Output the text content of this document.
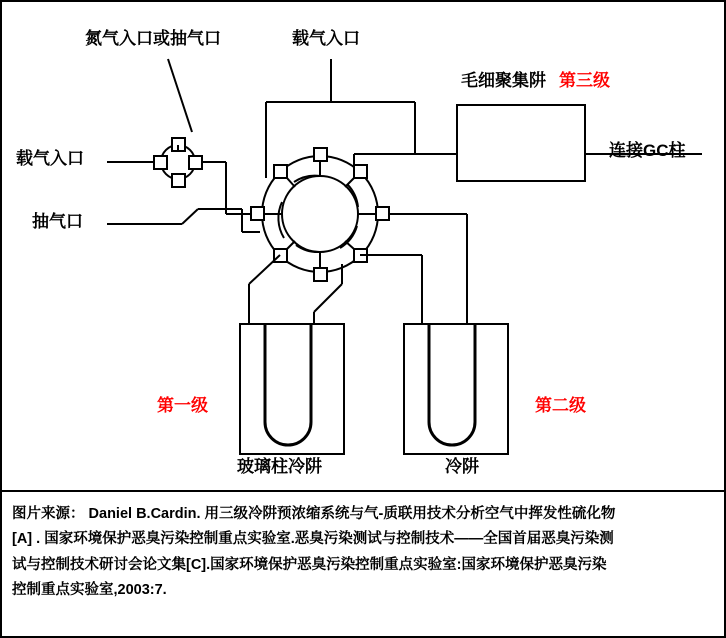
氮气入口或抽气口	载气入口
载气入口
抽气口
毛细聚集阱 第三级
连接GC柱
第一级	第二级
玻璃柱冷阱	冷阱
图片来源： Daniel B.Cardin. 用三级冷阱预浓缩系统与气-质联用技术分析空气中挥发性硫化物
[A] . 国家环境保护恶臭污染控制重点实验室.恶臭污染测试与控制技术——全国首届恶臭污染测
试与控制技术研讨会论文集[C].国家环境保护恶臭污染控制重点实验室:国家环境保护恶臭污染
控制重点实验室,2003:7.
